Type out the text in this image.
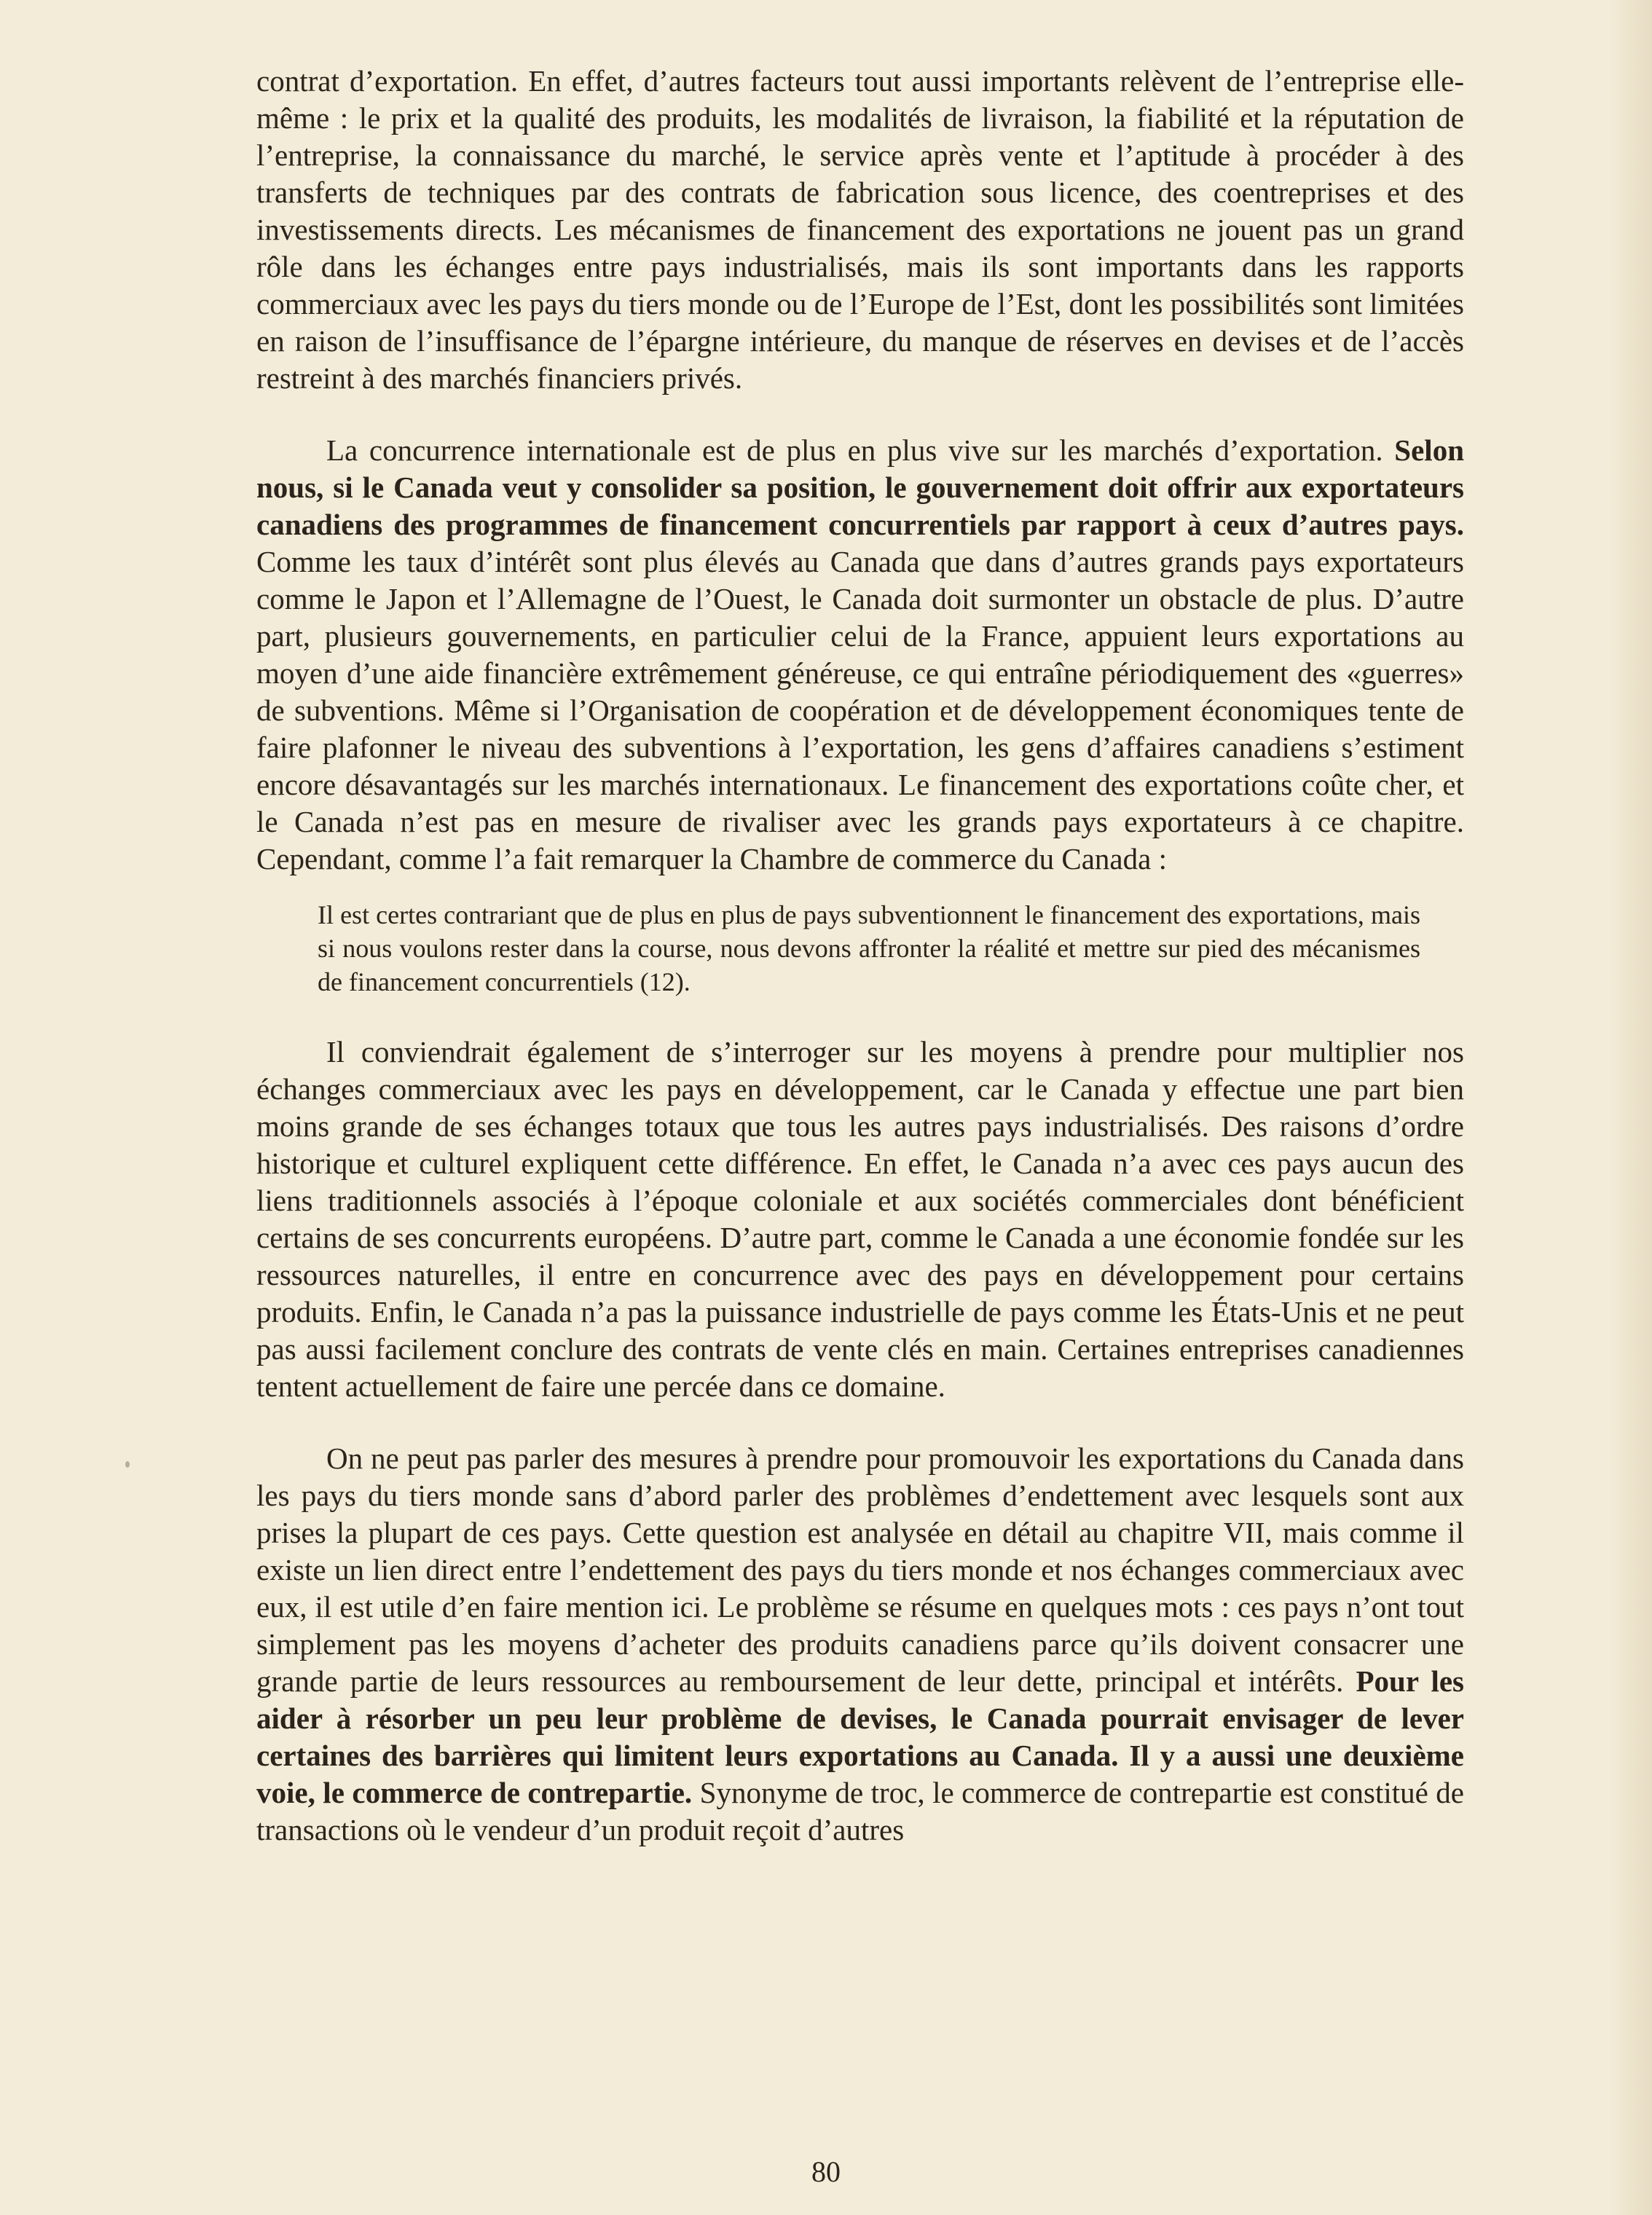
contrat d’exportation. En effet, d’autres facteurs tout aussi importants relèvent de l’entreprise elle-même : le prix et la qualité des produits, les modalités de livraison, la fiabilité et la réputation de l’entreprise, la connaissance du marché, le service après vente et l’aptitude à procéder à des transferts de techniques par des contrats de fabrication sous licence, des coentreprises et des investissements directs. Les mécanismes de financement des exportations ne jouent pas un grand rôle dans les échanges entre pays industrialisés, mais ils sont importants dans les rapports commerciaux avec les pays du tiers monde ou de l’Europe de l’Est, dont les possibilités sont limitées en raison de l’insuffisance de l’épargne intérieure, du manque de réserves en devises et de l’accès restreint à des marchés financiers privés.

La concurrence internationale est de plus en plus vive sur les marchés d’exportation. Selon nous, si le Canada veut y consolider sa position, le gouvernement doit offrir aux exportateurs canadiens des programmes de financement concurrentiels par rapport à ceux d’autres pays. Comme les taux d’intérêt sont plus élevés au Canada que dans d’autres grands pays exportateurs comme le Japon et l’Allemagne de l’Ouest, le Canada doit surmonter un obstacle de plus. D’autre part, plusieurs gouvernements, en particulier celui de la France, appuient leurs exportations au moyen d’une aide financière extrêmement généreuse, ce qui entraîne périodiquement des «guerres» de subventions. Même si l’Organisation de coopération et de développement économiques tente de faire plafonner le niveau des subventions à l’exportation, les gens d’affaires canadiens s’estiment encore désavantagés sur les marchés internationaux. Le financement des exportations coûte cher, et le Canada n’est pas en mesure de rivaliser avec les grands pays exportateurs à ce chapitre. Cependant, comme l’a fait remarquer la Chambre de commerce du Canada :

Il est certes contrariant que de plus en plus de pays subventionnent le financement des exportations, mais si nous voulons rester dans la course, nous devons affronter la réalité et mettre sur pied des mécanismes de financement concurrentiels (12).

Il conviendrait également de s’interroger sur les moyens à prendre pour multiplier nos échanges commerciaux avec les pays en développement, car le Canada y effectue une part bien moins grande de ses échanges totaux que tous les autres pays industrialisés. Des raisons d’ordre historique et culturel expliquent cette différence. En effet, le Canada n’a avec ces pays aucun des liens traditionnels associés à l’époque coloniale et aux sociétés commerciales dont bénéficient certains de ses concurrents européens. D’autre part, comme le Canada a une économie fondée sur les ressources naturelles, il entre en concurrence avec des pays en développement pour certains produits. Enfin, le Canada n’a pas la puissance industrielle de pays comme les États-Unis et ne peut pas aussi facilement conclure des contrats de vente clés en main. Certaines entreprises canadiennes tentent actuellement de faire une percée dans ce domaine.

On ne peut pas parler des mesures à prendre pour promouvoir les exportations du Canada dans les pays du tiers monde sans d’abord parler des problèmes d’endettement avec lesquels sont aux prises la plupart de ces pays. Cette question est analysée en détail au chapitre VII, mais comme il existe un lien direct entre l’endettement des pays du tiers monde et nos échanges commerciaux avec eux, il est utile d’en faire mention ici. Le problème se résume en quelques mots : ces pays n’ont tout simplement pas les moyens d’acheter des produits canadiens parce qu’ils doivent consacrer une grande partie de leurs ressources au remboursement de leur dette, principal et intérêts. Pour les aider à résorber un peu leur problème de devises, le Canada pourrait envisager de lever certaines des barrières qui limitent leurs exportations au Canada. Il y a aussi une deuxième voie, le commerce de contrepartie. Synonyme de troc, le commerce de contrepartie est constitué de transactions où le vendeur d’un produit reçoit d’autres

80
